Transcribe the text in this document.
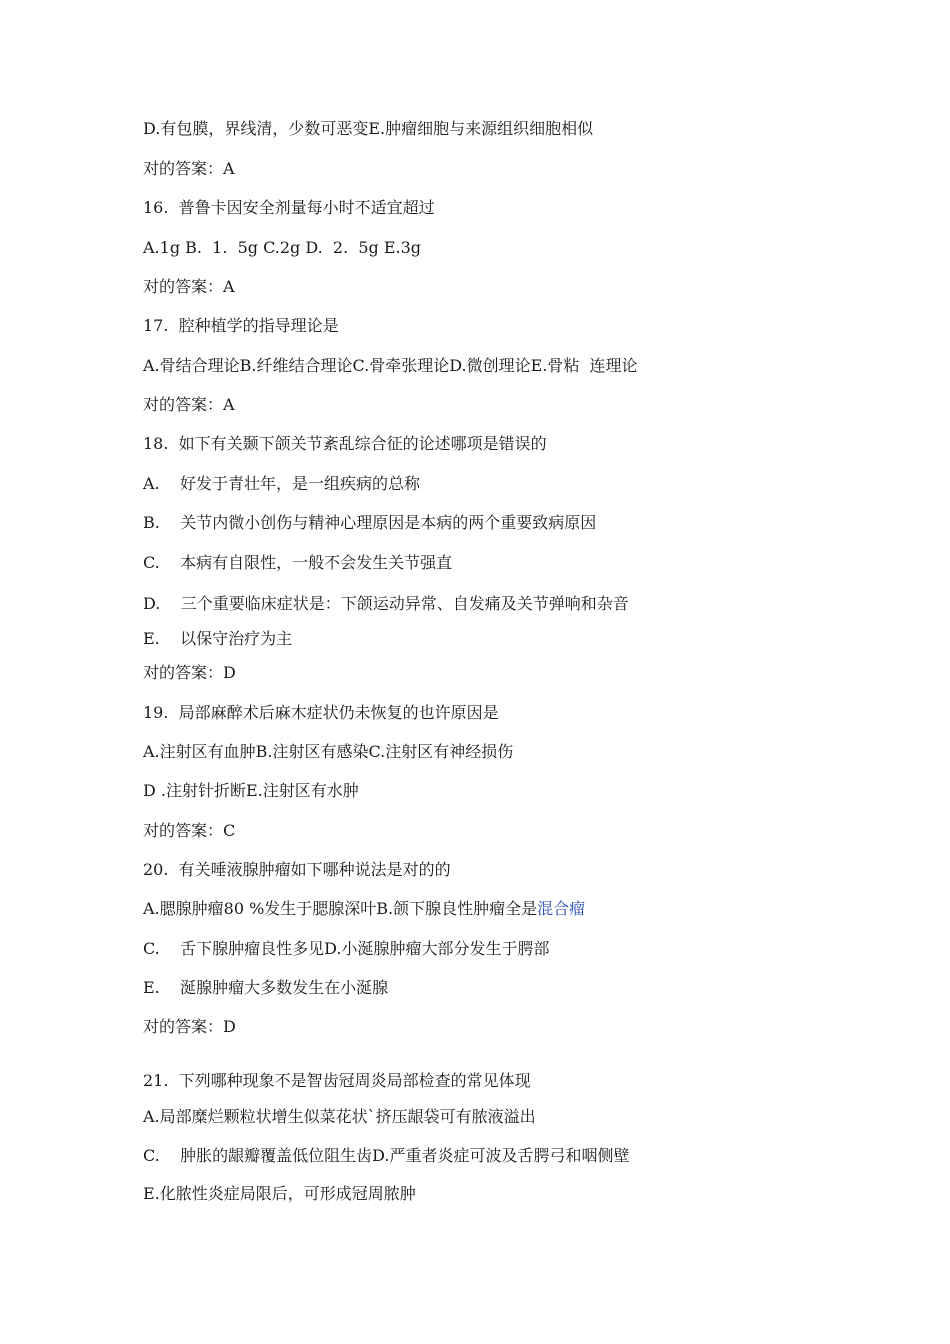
D.有包膜，界线清，少数可恶变E.肿瘤细胞与来源组织细胞相似
对的答案：A
16.  普鲁卡因安全剂量每小时不适宜超过
A.1g B.  1.  5g C.2g D.  2.  5g E.3g
对的答案：A
17.  腔种植学的指导理论是
A.骨结合理论B.纤维结合理论C.骨牵张理论D.微创理论E.骨粘  连理论
对的答案：A
18.  如下有关颞下颌关节紊乱综合征的论述哪项是错误的
A.    好发于青壮年，是一组疾病的总称
B.    关节内微小创伤与精神心理原因是本病的两个重要致病原因
C.    本病有自限性，一般不会发生关节强直
D.    三个重要临床症状是：下颌运动异常、自发痛及关节弹响和杂音
E.    以保守治疗为主
对的答案：D
19.  局部麻醉术后麻木症状仍未恢复的也许原因是
A.注射区有血肿B.注射区有感染C.注射区有神经损伤
D .注射针折断E.注射区有水肿
对的答案：C
20.  有关唾液腺肿瘤如下哪种说法是对的的
A.腮腺肿瘤80 %发生于腮腺深叶B.颌下腺良性肿瘤全是混合瘤
C.    舌下腺肿瘤良性多见D.小涎腺肿瘤大部分发生于腭部
E.    涎腺肿瘤大多数发生在小涎腺
对的答案：D
21.  下列哪种现象不是智齿冠周炎局部检查的常见体现
A.局部糜烂颗粒状增生似菜花状`挤压龈袋可有脓液溢出
C.    肿胀的龈瓣覆盖低位阻生齿D.严重者炎症可波及舌腭弓和咽侧壁
E.化脓性炎症局限后，可形成冠周脓肿
